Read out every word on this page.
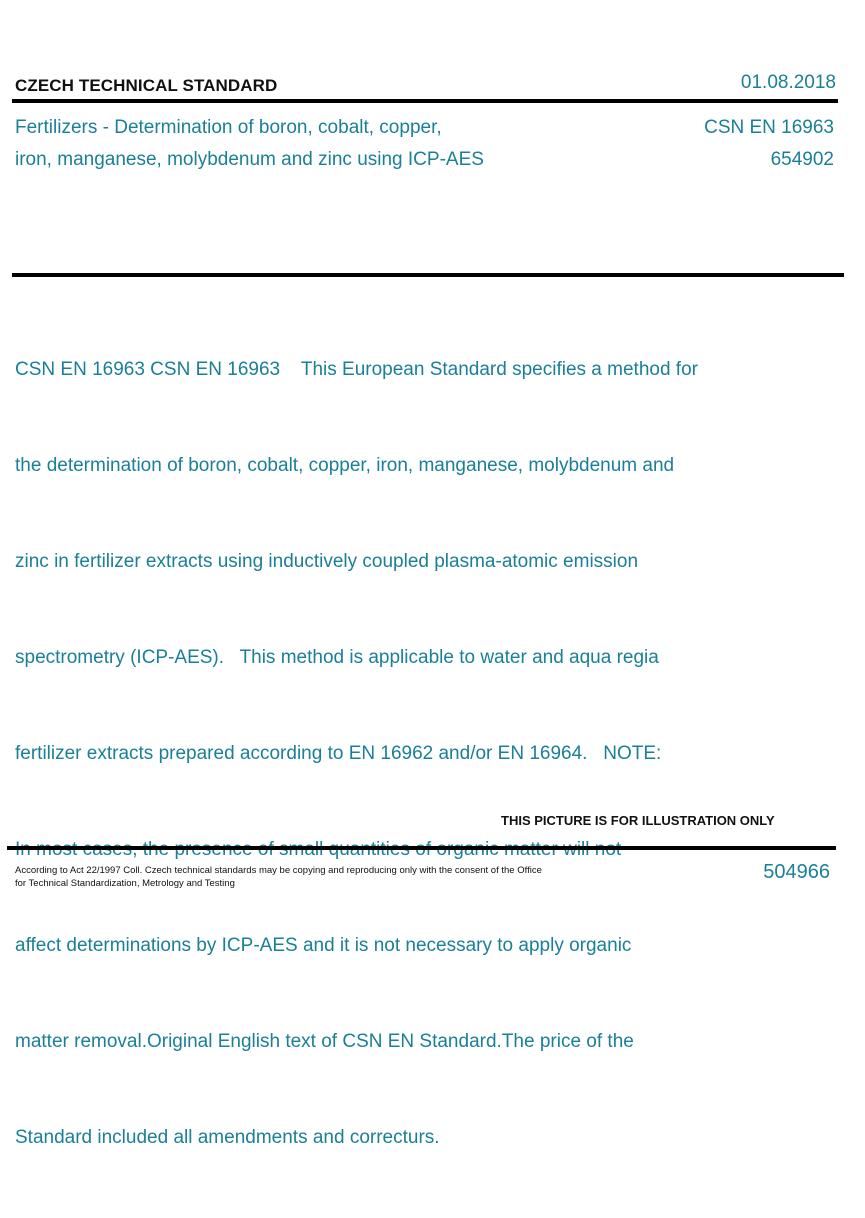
CZECH TECHNICAL STANDARD	01.08.2018
Fertilizers - Determination of boron, cobalt, copper,
iron, manganese, molybdenum and zinc using ICP-AES
CSN EN 16963
654902

CSN EN 16963 CSN EN 16963    This European Standard specifies a method for

the determination of boron, cobalt, copper, iron, manganese, molybdenum and

zinc in fertilizer extracts using inductively coupled plasma-atomic emission

spectrometry (ICP-AES).   This method is applicable to water and aqua regia

fertilizer extracts prepared according to EN 16962 and/or EN 16964.   NOTE:

affect determinations by ICP-AES and it is not necessary to apply organic

matter removal.Original English text of CSN EN Standard.The price of the

Standard included all amendments and correcturs.

THIS PICTURE IS FOR ILLUSTRATION ONLY
According to Act 22/1997 Coll. Czech technical standards may be copying and reproducing only with the consent of the Office
for Technical Standardization, Metrology and Testing
504966
